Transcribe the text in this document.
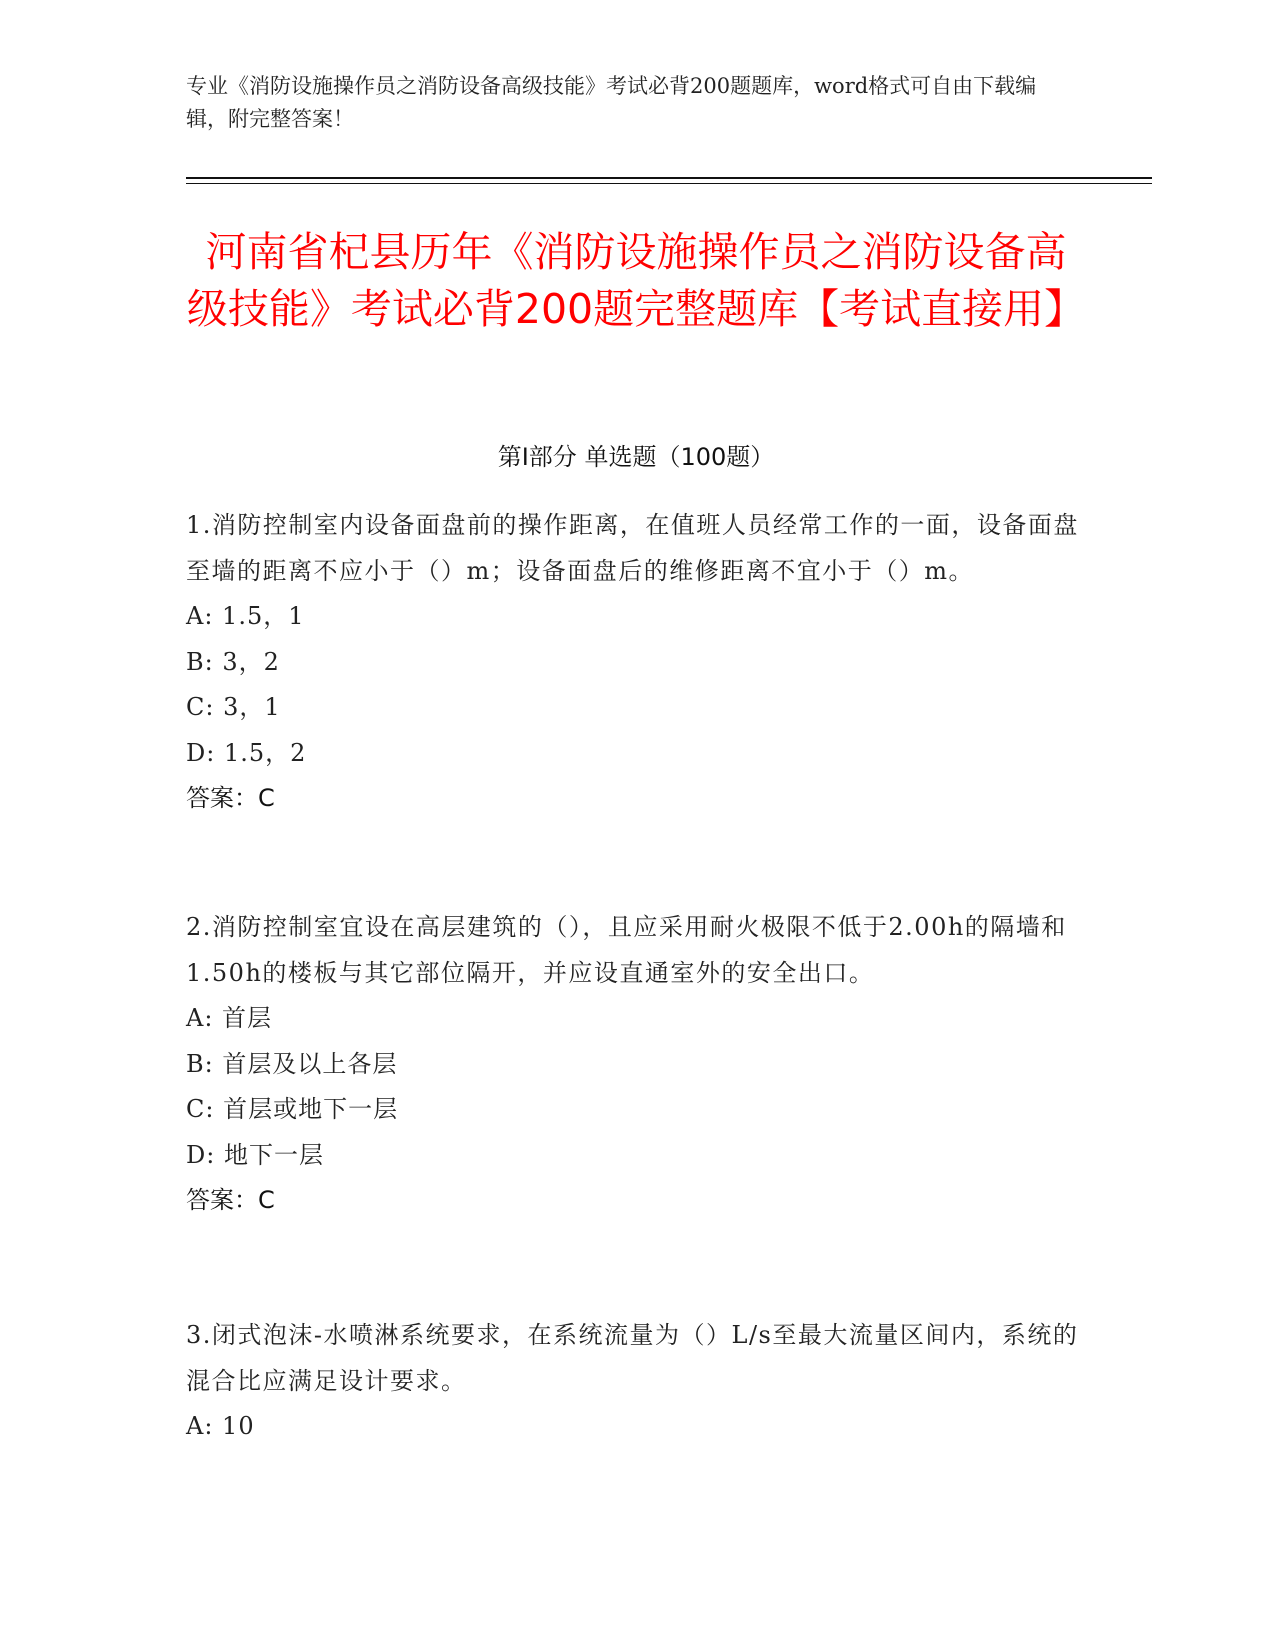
专业《消防设施操作员之消防设备高级技能》考试必背200题题库，word格式可自由下载编辑，附完整答案！
河南省杞县历年《消防设施操作员之消防设备高级技能》考试必背200题完整题库【考试直接用】
第I部分 单选题（100题）

1.消防控制室内设备面盘前的操作距离，在值班人员经常工作的一面，设备面盘至墙的距离不应小于（）m；设备面盘后的维修距离不宜小于（）m。

A: 1.5，1

B: 3，2

C: 3，1

D: 1.5，2

答案：C

2.消防控制室宜设在高层建筑的（），且应采用耐火极限不低于2.00h的隔墙和1.50h的楼板与其它部位隔开，并应设直通室外的安全出口。

A: 首层

B: 首层及以上各层

C: 首层或地下一层

D: 地下一层

答案：C

3.闭式泡沫-水喷淋系统要求，在系统流量为（）L/s至最大流量区间内，系统的混合比应满足设计要求。

A: 10
